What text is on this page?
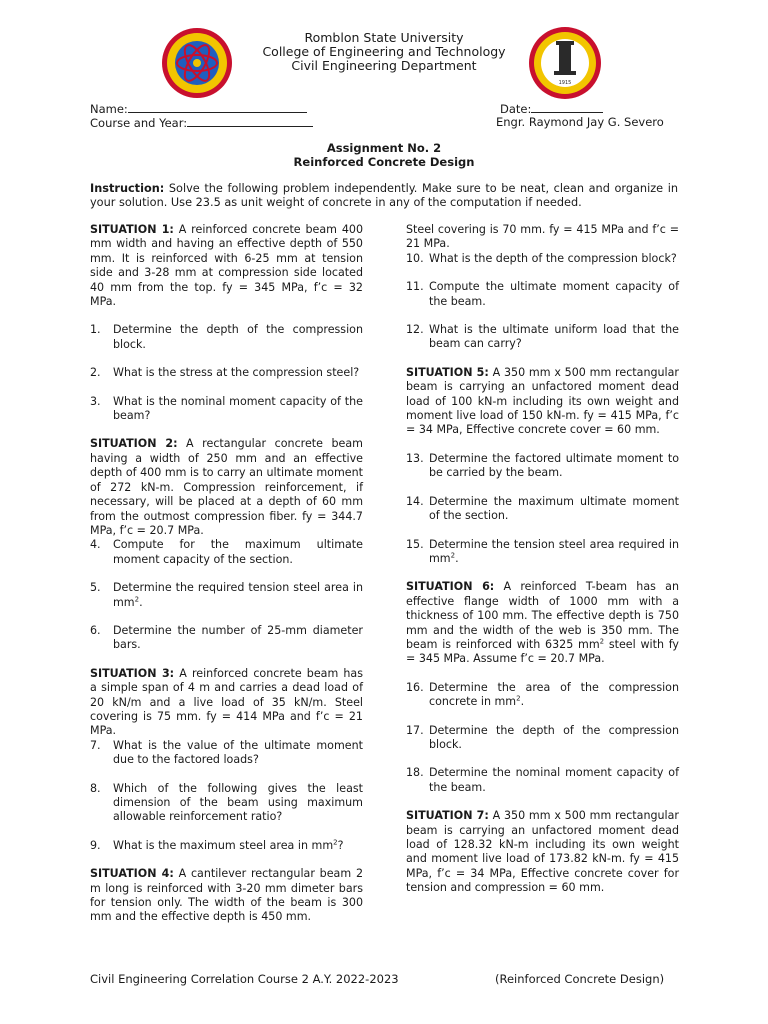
1915
Romblon State University
College of Engineering and Technology
Civil Engineering Department
Name:	Date:
Course and Year:	Engr. Raymond Jay G. Severo
Assignment No. 2
Reinforced Concrete Design
Instruction: Solve the following problem independently. Make sure to be neat, clean and organize in your solution. Use 23.5 as unit weight of concrete in any of the computation if needed.

SITUATION 1: A reinforced concrete beam 400 mm width and having an effective depth of 550 mm. It is reinforced with 6-25 mm at tension side and 3-28 mm at compression side located 40 mm from the top. fy = 345 MPa, f’c = 32 MPa.

1. Determine the depth of the compression block.
2. What is the stress at the compression steel?
3. What is the nominal moment capacity of the beam?

SITUATION 2: A rectangular concrete beam having a width of 250 mm and an effective depth of 400 mm is to carry an ultimate moment of 272 kN-m. Compression reinforcement, if necessary, will be placed at a depth of 60 mm from the outmost compression fiber. fy = 344.7 MPa, f’c = 20.7 MPa.

4. Compute for the maximum ultimate moment capacity of the section.
5. Determine the required tension steel area in $mm^2$.
6. Determine the number of 25-mm diameter bars.

SITUATION 3: A reinforced concrete beam has a simple span of 4 m and carries a dead load of 20 kN/m and a live load of 35 kN/m. Steel covering is 75 mm. fy = 414 MPa and f’c = 21 MPa.

7. What is the value of the ultimate moment due to the factored loads?
8. Which of the following gives the least dimension of the beam using maximum allowable reinforcement ratio?
9. What is the maximum steel area in $mm^2$?

SITUATION 4: A cantilever rectangular beam 2 m long is reinforced with 3-20 mm dimeter bars for tension only. The width of the beam is 300 mm and the effective depth is 450 mm.

Steel covering is 70 mm. fy = 415 MPa and f’c = 21 MPa.

10. What is the depth of the compression block?
11. Compute the ultimate moment capacity of the beam.
12. What is the ultimate uniform load that the beam can carry?

SITUATION 5: A 350 mm x 500 mm rectangular beam is carrying an unfactored moment dead load of 100 kN-m including its own weight and moment live load of 150 kN-m. fy = 415 MPa, f’c = 34 MPa, Effective concrete cover = 60 mm.

13. Determine the factored ultimate moment to be carried by the beam.
14. Determine the maximum ultimate moment of the section.
15. Determine the tension steel area required in $mm^2$.

SITUATION 6: A reinforced T-beam has an effective flange width of 1000 mm with a thickness of 100 mm. The effective depth is 750 mm and the width of the web is 350 mm. The beam is reinforced with 6325 $mm^2$ steel with fy = 345 MPa. Assume f’c = 20.7 MPa.

16. Determine the area of the compression concrete in $mm^2$.
17. Determine the depth of the compression block.
18. Determine the nominal moment capacity of the beam.

SITUATION 7: A 350 mm x 500 mm rectangular beam is carrying an unfactored moment dead load of 128.32 kN-m including its own weight and moment live load of 173.82 kN-m. fy = 415 MPa, f’c = 34 MPa, Effective concrete cover for tension and compression = 60 mm.

Civil Engineering Correlation Course 2 A.Y. 2022-2023	(Reinforced Concrete Design)
